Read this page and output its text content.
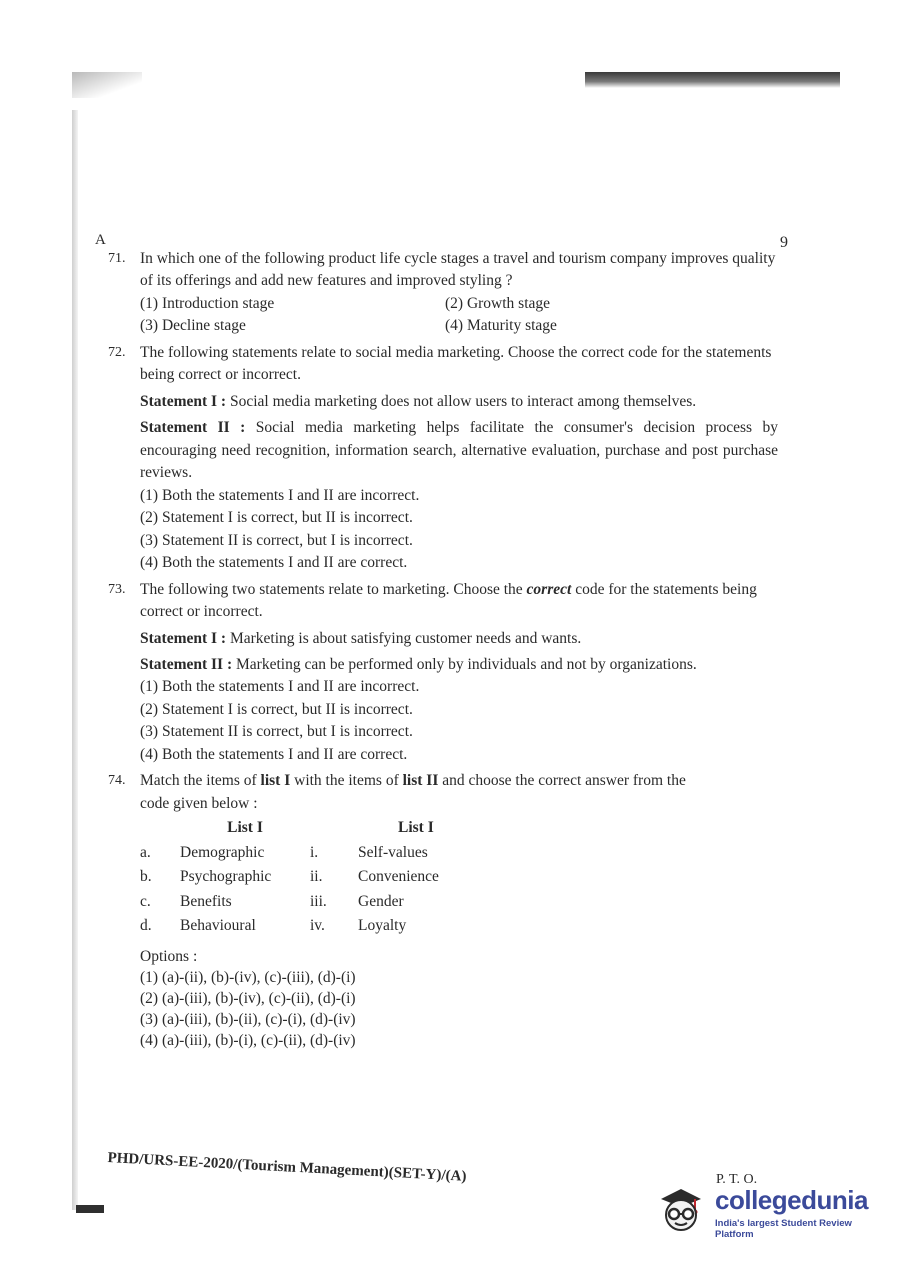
A	9
71. In which one of the following product life cycle stages a travel and tourism company improves quality of its offerings and add new features and improved styling ?

(1) Introduction stage	(2) Growth stage
(3) Decline stage	(4) Maturity stage
72. The following statements relate to social media marketing. Choose the correct code for the statements being correct or incorrect.

Statement I : Social media marketing does not allow users to interact among themselves.
Statement II : Social media marketing helps facilitate the consumer's decision process by encouraging need recognition, information search, alternative evaluation, purchase and post purchase reviews.
(1) Both the statements I and II are incorrect.
(2) Statement I is correct, but II is incorrect.
(3) Statement II is correct, but I is incorrect.
(4) Both the statements I and II are correct.
73. The following two statements relate to marketing. Choose the correct code for the statements being correct or incorrect.

Statement I : Marketing is about satisfying customer needs and wants.
Statement II : Marketing can be performed only by individuals and not by organizations.
(1) Both the statements I and II are incorrect.
(2) Statement I is correct, but II is incorrect.
(3) Statement II is correct, but I is incorrect.
(4) Both the statements I and II are correct.
74. Match the items of list I with the items of list II and choose the correct answer from the

code given below :

List I	List I
a.	Demographic	i.	Self-values
b.	Psychographic	ii.	Convenience
c.	Benefits	iii.	Gender
d.	Behavioural	iv.	Loyalty
Options :
(1) (a)-(ii), (b)-(iv), (c)-(iii), (d)-(i)
(2) (a)-(iii), (b)-(iv), (c)-(ii), (d)-(i)
(3) (a)-(iii), (b)-(ii), (c)-(i), (d)-(iv)
(4) (a)-(iii), (b)-(i), (c)-(ii), (d)-(iv)
PHD/URS-EE-2020/(Tourism Management)(SET-Y)/(A)	P. T. O.
collegedunia
India's largest Student Review Platform
